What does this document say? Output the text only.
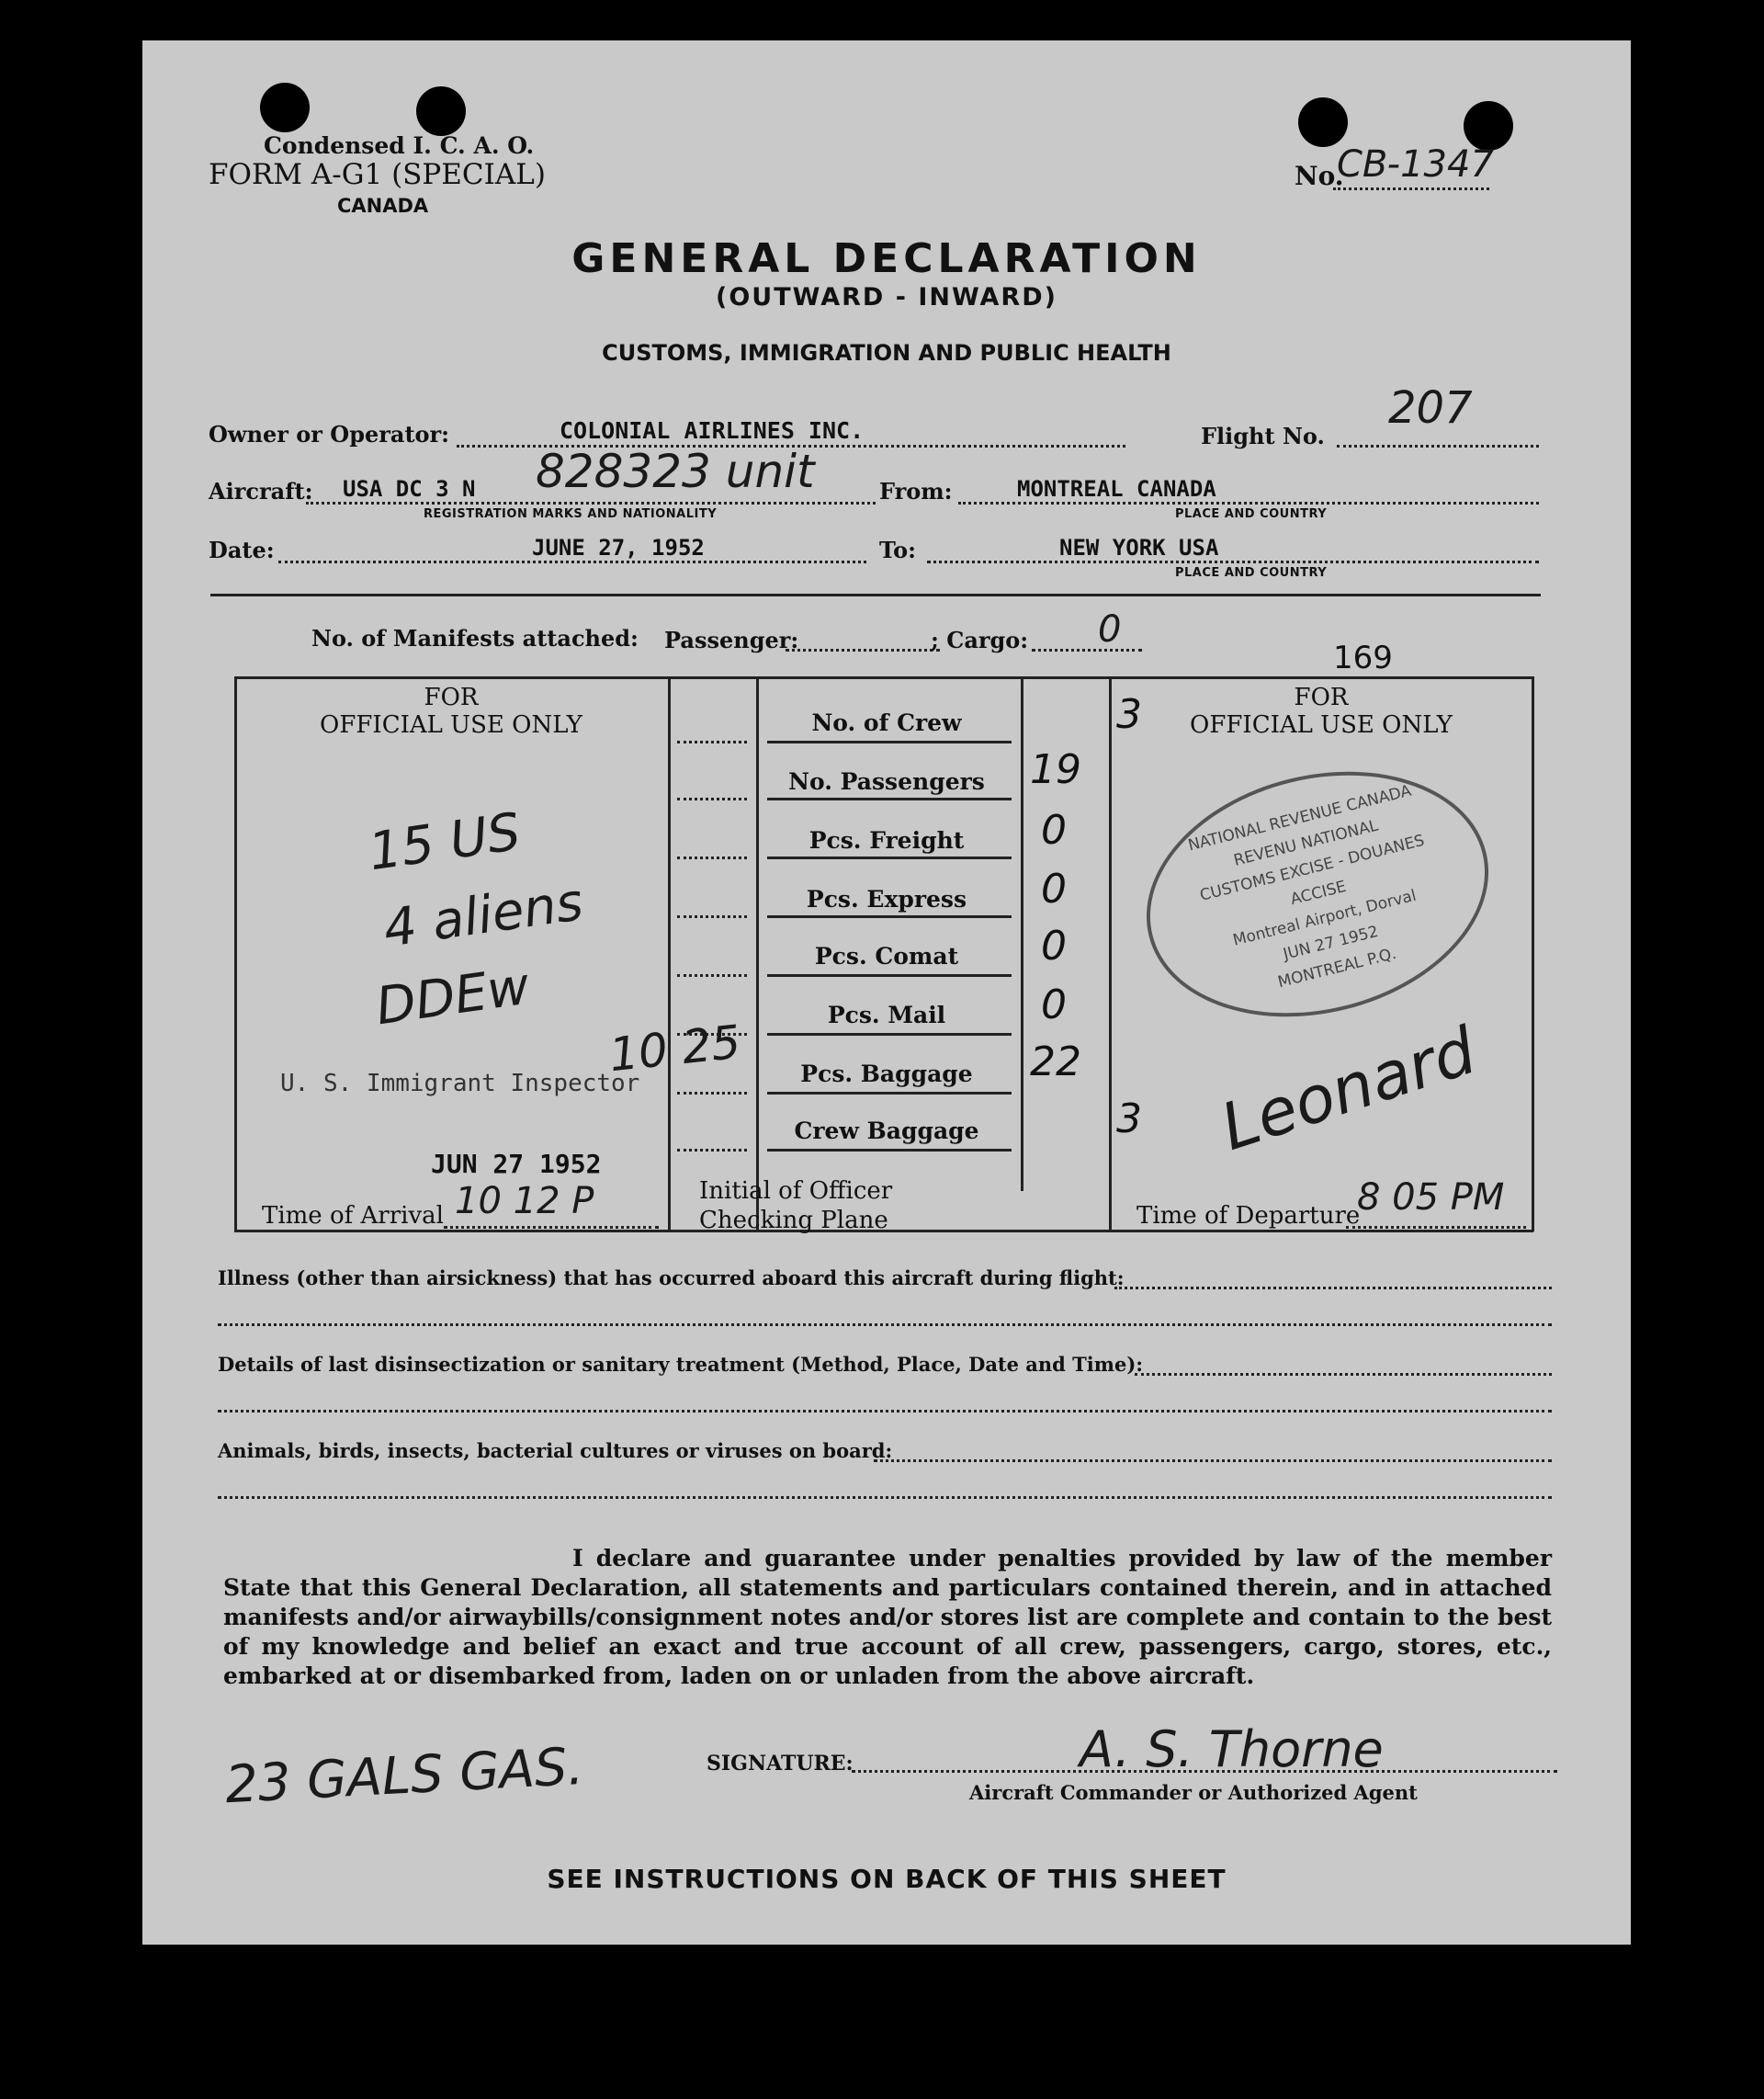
Condensed I. C. A. O.
FORM A-G1 (SPECIAL)
CANADA
No.
CB-1347
GENERAL DECLARATION
(OUTWARD - INWARD)
CUSTOMS, IMMIGRATION AND PUBLIC HEALTH
Owner or Operator:	COLONIAL AIRLINES INC.	Flight No.
207
Aircraft: USA DC 3 N 828323 unit
REGISTRATION MARKS AND NATIONALITY
From:	MONTREAL CANADA
PLACE AND COUNTRY
Date:	JUNE 27, 1952	To:	NEW YORK USA
PLACE AND COUNTRY
No. of Manifests attached: Passenger:	; Cargo: 0
169
FOR
OFFICIAL USE ONLY
FOR
OFFICIAL USE ONLY
No. of Crew	3
No. Passengers	19
Pcs. Freight	0
Pcs. Express	0
Pcs. Comat	0
Pcs. Mail	0
Pcs. Baggage	22
Crew Baggage	3
15 US
4 aliens
DDEw
10 25
U. S. Immigrant Inspector
JUN 27 1952
Time of Arrival 10 12 P	Initial of Officer
Checking Plane
NATIONAL REVENUE CANADA
REVENU NATIONAL
CUSTOMS EXCISE - DOUANES ACCISE
Montreal Airport, Dorval
JUN 27 1952
MONTREAL P.Q.
Leonard
Time of Departure
8 05 PM
Illness (other than airsickness) that has occurred aboard this aircraft during flight:
Details of last disinsectization or sanitary treatment (Method, Place, Date and Time):
Animals, birds, insects, bacterial cultures or viruses on board:
I declare and guarantee under penalties provided by law of the member State that this General Declaration, all statements and particulars contained therein, and in attached manifests and/or airwaybills/consignment notes and/or stores list are complete and contain to the best of my knowledge and belief an exact and true account of all crew, passengers, cargo, stores, etc., embarked at or disembarked from, laden on or unladen from the above aircraft.
23 GALS GAS.	SIGNATURE:	A. S. Thorne
Aircraft Commander or Authorized Agent
SEE INSTRUCTIONS ON BACK OF THIS SHEET
